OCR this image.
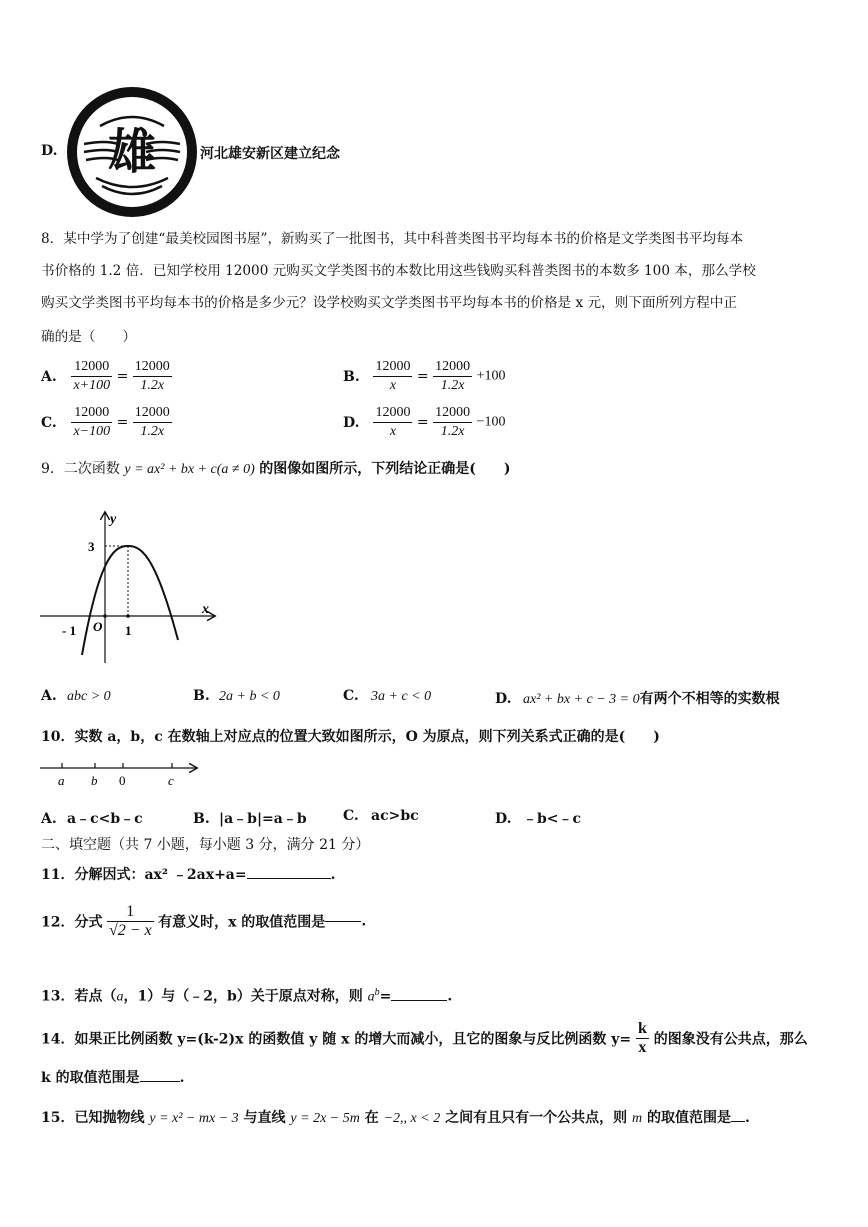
D. 雄	河北雄安新区建立纪念
8．某中学为了创建“最美校园图书屋”，新购买了一批图书，其中科普类图书平均每本书的价格是文学类图书平均每本
书价格的 1.2 倍．已知学校用 12000 元购买文学类图书的本数比用这些钱购买科普类图书的本数多 100 本，那么学校
购买文学类图书平均每本书的价格是多少元？设学校购买文学类图书平均每本书的价格是 x 元，则下面所列方程中正
确的是（　　）
A. $\frac{12000}{x+100} = \frac{12000}{1.2x}$	B. $\frac{12000}{x} = \frac{12000}{1.2x} +100$
C. $\frac{12000}{x-100} = \frac{12000}{1.2x}$	D. $\frac{12000}{x} = \frac{12000}{1.2x} -100$
9．二次函数 y = ax² + bx + c(a ≠ 0) 的图像如图所示，下列结论正确是(　　)
y
x
3
- 1 O 1
A. abc > 0	B. 2a + b < 0	C. 3a + c < 0	D. ax² + bx + c − 3 = 0有两个不相等的实数根
10．实数 a，b，c 在数轴上对应点的位置大致如图所示，O 为原点，则下列关系式正确的是(　　)
a b 0	c
A. a﹣c<b﹣c	B. |a﹣b|=a﹣b	C. ac>bc	D. ﹣b<﹣c
二、填空题（共 7 小题，每小题 3 分，满分 21 分）
11．分解因式：ax² ﹣2ax+a=	.
12．分式 $\frac{1}{√2 - x}$ 有意义时，x 的取值范围是	.
13．若点（a，1）与（﹣2，b）关于原点对称，则 $a^b=$	.
14．如果正比例函数 y=(k-2)x 的函数值 y 随 x 的增大而减小，且它的图象与反比例函数 $y= \frac{k}{x}$ 的图象没有公共点，那么
k 的取值范围是	.
15．已知抛物线 y = x² − mx − 3 与直线 y = 2x − 5m 在 −2,, x < 2 之间有且只有一个公共点，则 m 的取值范围是 .
